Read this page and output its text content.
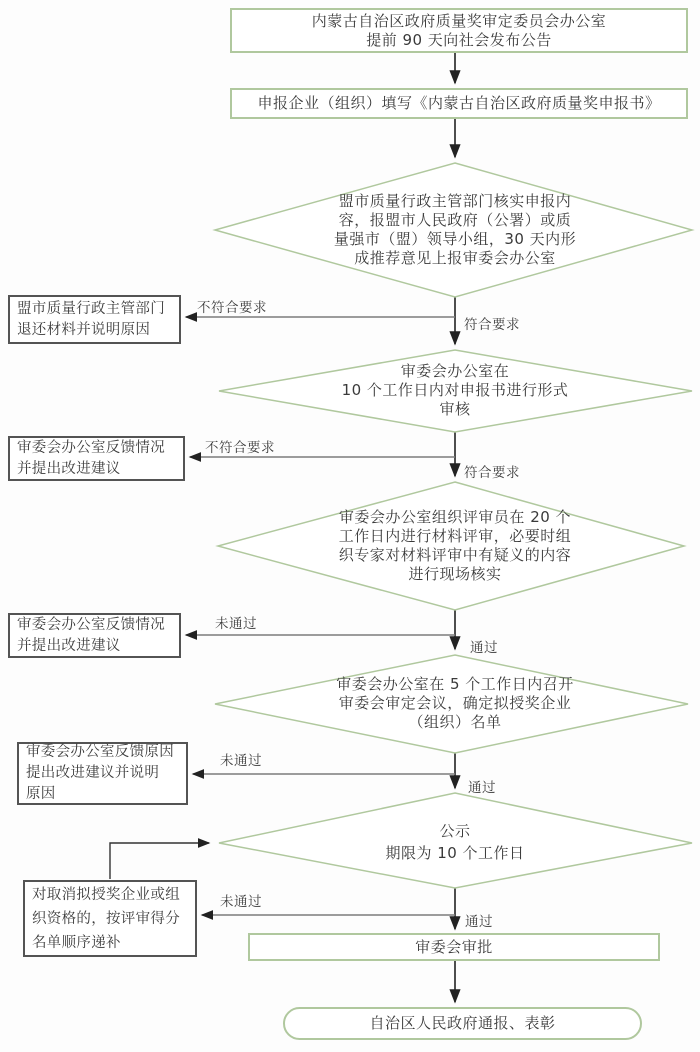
内蒙古自治区政府质量奖审定委员会办公室
提前 90 天向社会发布公告
申报企业（组织）填写《内蒙古自治区政府质量奖申报书》
盟市质量行政主管部门核实申报内
容，报盟市人民政府（公署）或质
量强市（盟）领导小组，30 天内形
成推荐意见上报审委会办公室
盟市质量行政主管部门
退还材料并说明原因
不符合要求
符合要求
审委会办公室在
10 个工作日内对申报书进行形式
审核
审委会办公室反馈情况
并提出改进建议
不符合要求
符合要求
审委会办公室组织评审员在 20 个
工作日内进行材料评审，必要时组
织专家对材料评审中有疑义的内容
进行现场核实
审委会办公室反馈情况
并提出改进建议
未通过
通过
审委会办公室在 5 个工作日内召开
审委会审定会议，确定拟授奖企业
（组织）名单
审委会办公室反馈原因
提出改进建议并说明
原因
未通过
通过
公示
期限为 10 个工作日
对取消拟授奖企业或组
织资格的，按评审得分
名单顺序递补
未通过
通过
审委会审批
自治区人民政府通报、表彰
